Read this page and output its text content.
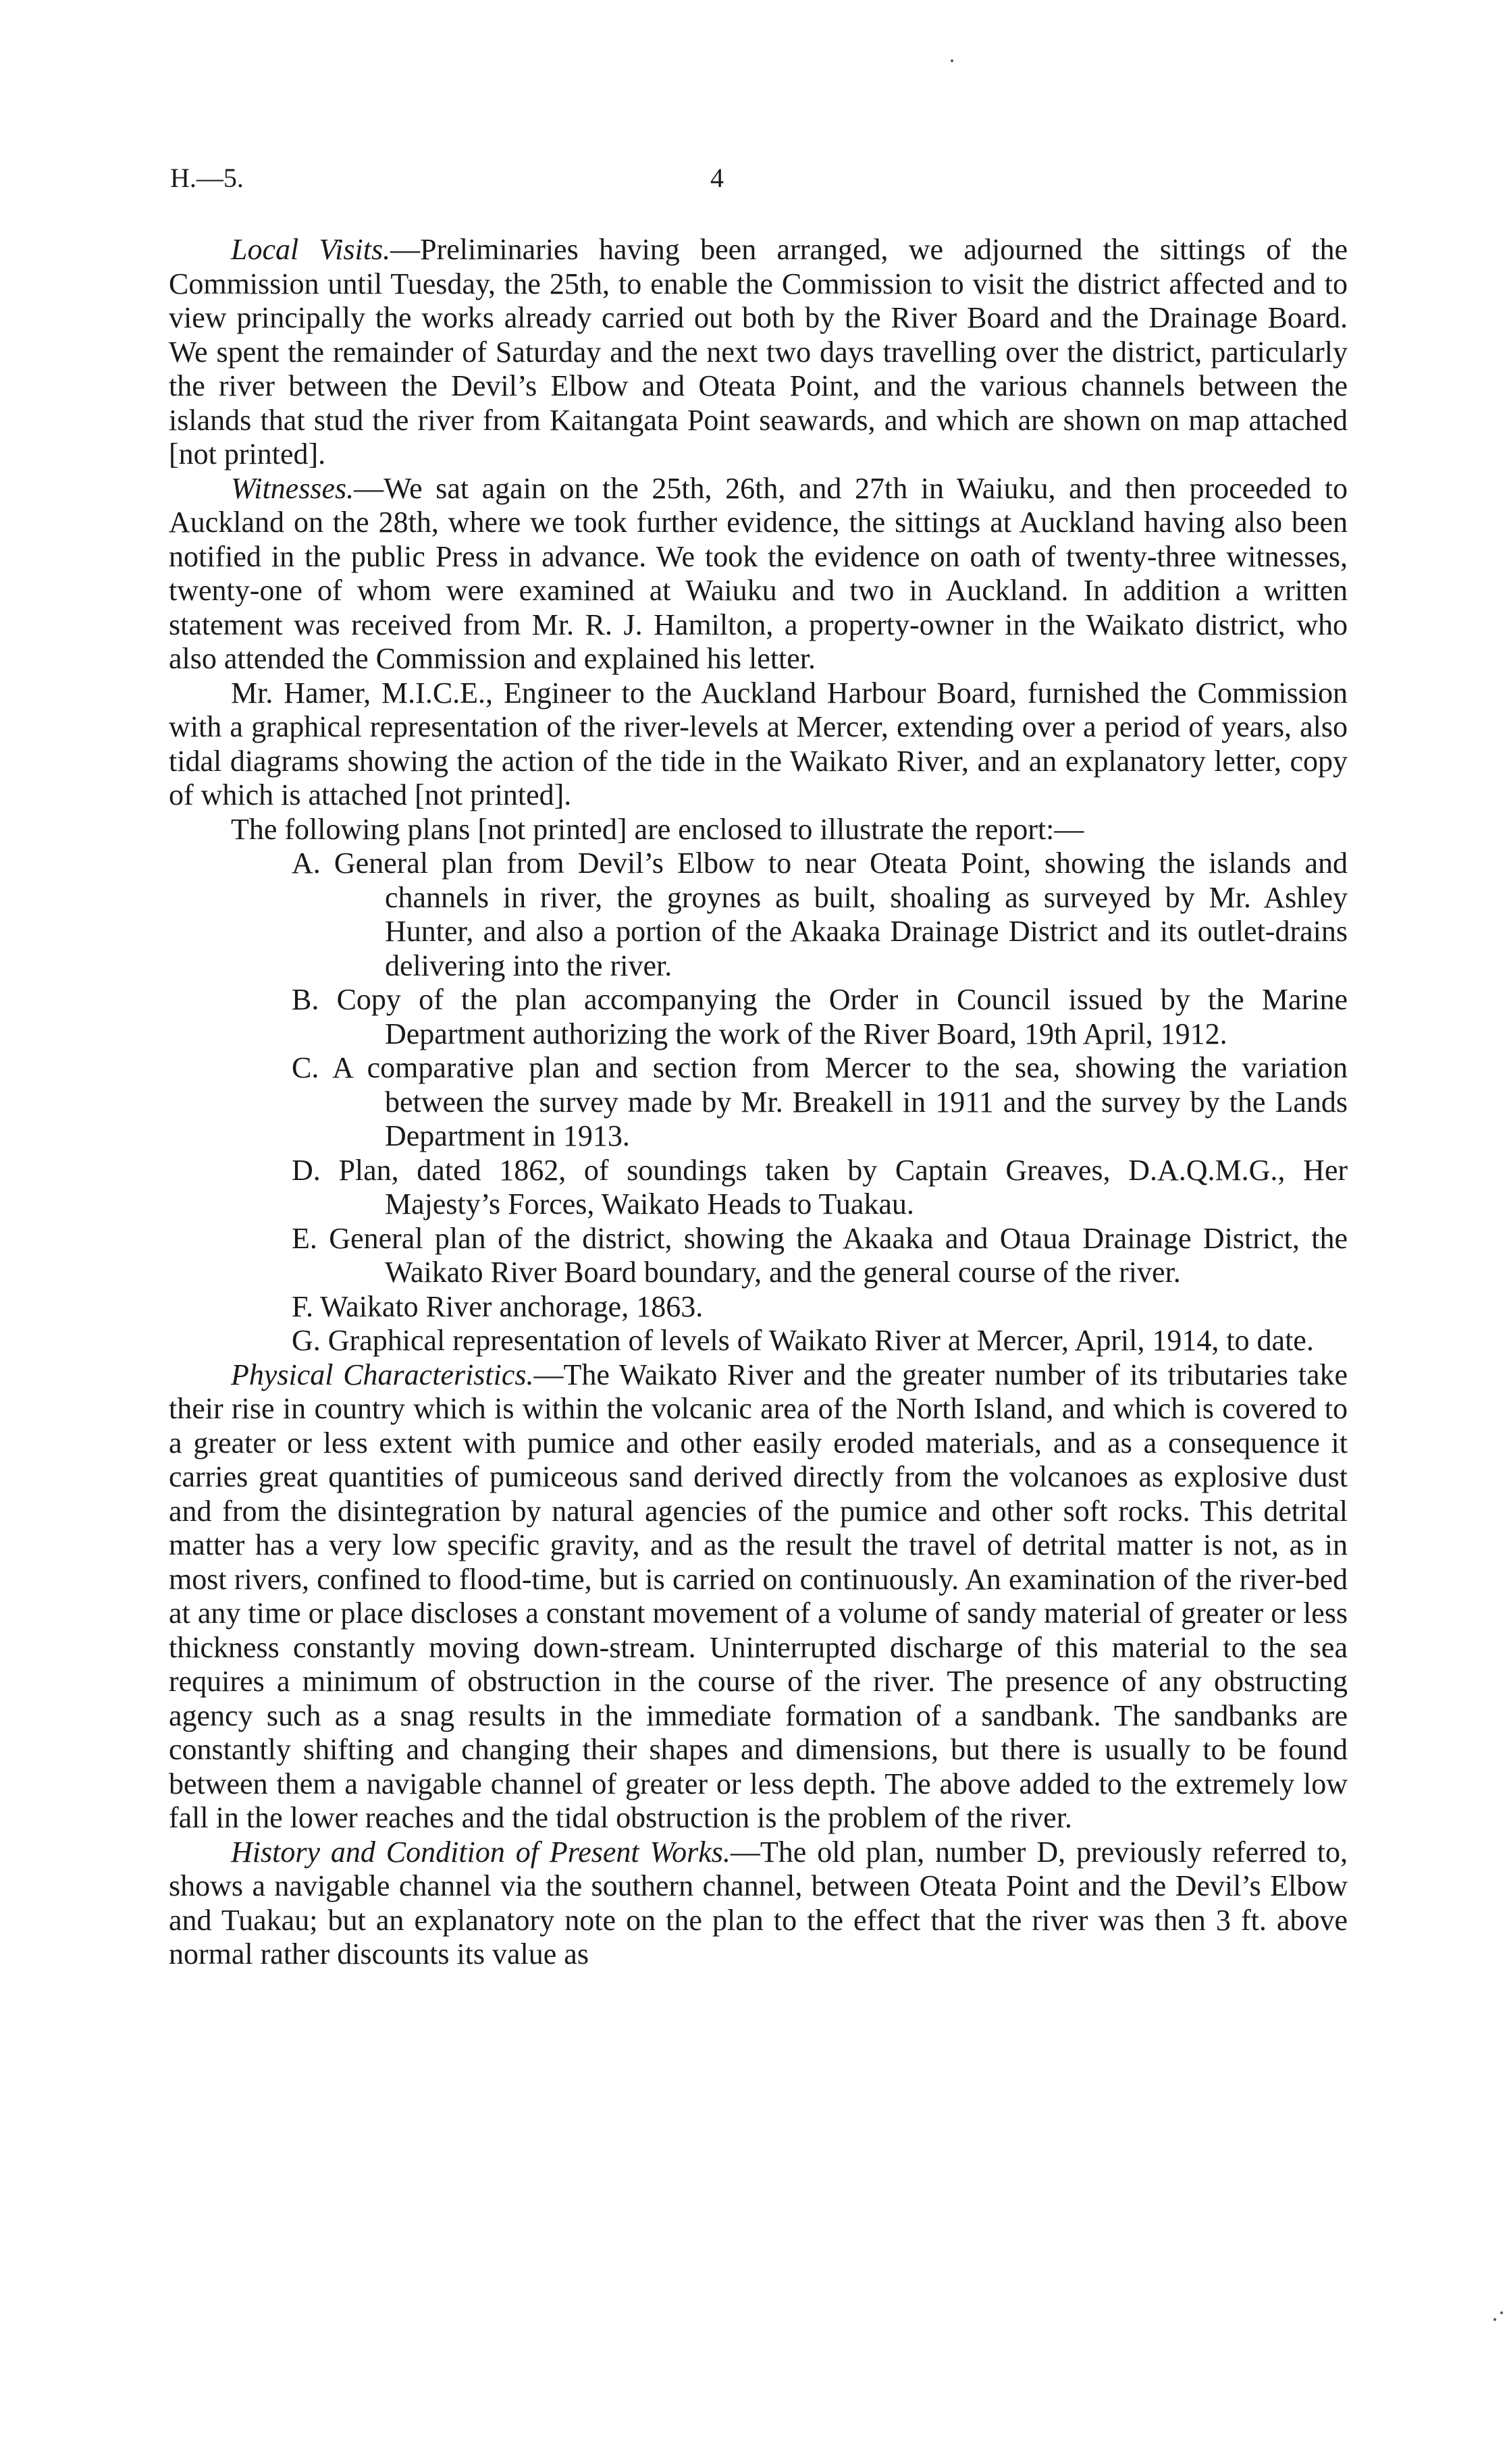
H.—5.	4

Local Visits.—Preliminaries having been arranged, we adjourned the sittings of the Commission until Tuesday, the 25th, to enable the Commission to visit the district affected and to view principally the works already carried out both by the River Board and the Drainage Board. We spent the remainder of Saturday and the next two days travelling over the district, particularly the river between the Devil’s Elbow and Oteata Point, and the various channels between the islands that stud the river from Kaitangata Point seawards, and which are shown on map attached [not printed].

Witnesses.—We sat again on the 25th, 26th, and 27th in Waiuku, and then proceeded to Auckland on the 28th, where we took further evidence, the sittings at Auckland having also been notified in the public Press in advance. We took the evidence on oath of twenty-three witnesses, twenty-one of whom were examined at Waiuku and two in Auckland. In addition a written statement was received from Mr. R. J. Hamilton, a property-owner in the Waikato district, who also attended the Commission and explained his letter.

Mr. Hamer, M.I.C.E., Engineer to the Auckland Harbour Board, furnished the Commission with a graphical representation of the river-levels at Mercer, extending over a period of years, also tidal diagrams showing the action of the tide in the Waikato River, and an explanatory letter, copy of which is attached [not printed].

The following plans [not printed] are enclosed to illustrate the report:—

A. General plan from Devil’s Elbow to near Oteata Point, showing the islands and channels in river, the groynes as built, shoaling as surveyed by Mr. Ashley Hunter, and also a portion of the Akaaka Drainage District and its outlet-drains delivering into the river.
B. Copy of the plan accompanying the Order in Council issued by the Marine Department authorizing the work of the River Board, 19th April, 1912.
C. A comparative plan and section from Mercer to the sea, showing the variation between the survey made by Mr. Breakell in 1911 and the survey by the Lands Department in 1913.
D. Plan, dated 1862, of soundings taken by Captain Greaves, D.A.Q.M.G., Her Majesty’s Forces, Waikato Heads to Tuakau.
E. General plan of the district, showing the Akaaka and Otaua Drainage District, the Waikato River Board boundary, and the general course of the river.
F. Waikato River anchorage, 1863.
G. Graphical representation of levels of Waikato River at Mercer, April, 1914, to date.

Physical Characteristics.—The Waikato River and the greater number of its tributaries take their rise in country which is within the volcanic area of the North Island, and which is covered to a greater or less extent with pumice and other easily eroded materials, and as a consequence it carries great quantities of pumiceous sand derived directly from the volcanoes as explosive dust and from the disintegration by natural agencies of the pumice and other soft rocks. This detrital matter has a very low specific gravity, and as the result the travel of detrital matter is not, as in most rivers, confined to flood-time, but is carried on continuously. An examination of the river-bed at any time or place discloses a constant movement of a volume of sandy material of greater or less thickness constantly moving down-stream. Uninterrupted discharge of this material to the sea requires a minimum of obstruction in the course of the river. The presence of any obstructing agency such as a snag results in the immediate formation of a sandbank. The sandbanks are constantly shifting and changing their shapes and dimensions, but there is usually to be found between them a navigable channel of greater or less depth. The above added to the extremely low fall in the lower reaches and the tidal obstruction is the problem of the river.

History and Condition of Present Works.—The old plan, number D, previously referred to, shows a navigable channel via the southern channel, between Oteata Point and the Devil’s Elbow and Tuakau; but an explanatory note on the plan to the effect that the river was then 3 ft. above normal rather discounts its value as
